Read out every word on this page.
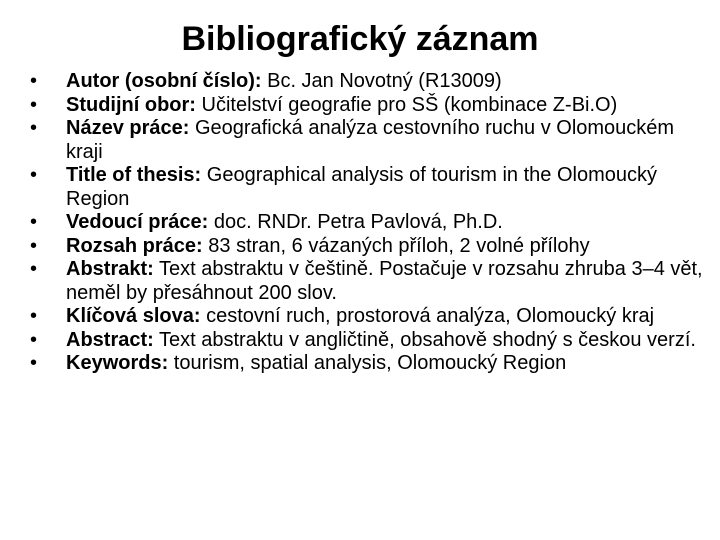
Bibliografický záznam
• Autor (osobní číslo): Bc. Jan Novotný (R13009)
• Studijní obor: Učitelství geografie pro SŠ (kombinace Z-Bi.O)
• Název práce: Geografická analýza cestovního ruchu v Olomouckém kraji
• Title of thesis: Geographical analysis of tourism in the Olomoucký Region
• Vedoucí práce: doc. RNDr. Petra Pavlová, Ph.D.
• Rozsah práce: 83 stran, 6 vázaných příloh, 2 volné přílohy
• Abstrakt: Text abstraktu v češtině. Postačuje v rozsahu zhruba 3–4 vět, neměl by přesáhnout 200 slov.
• Klíčová slova: cestovní ruch, prostorová analýza, Olomoucký kraj
• Abstract: Text abstraktu v angličtině, obsahově shodný s českou verzí.
• Keywords: tourism, spatial analysis, Olomoucký Region
